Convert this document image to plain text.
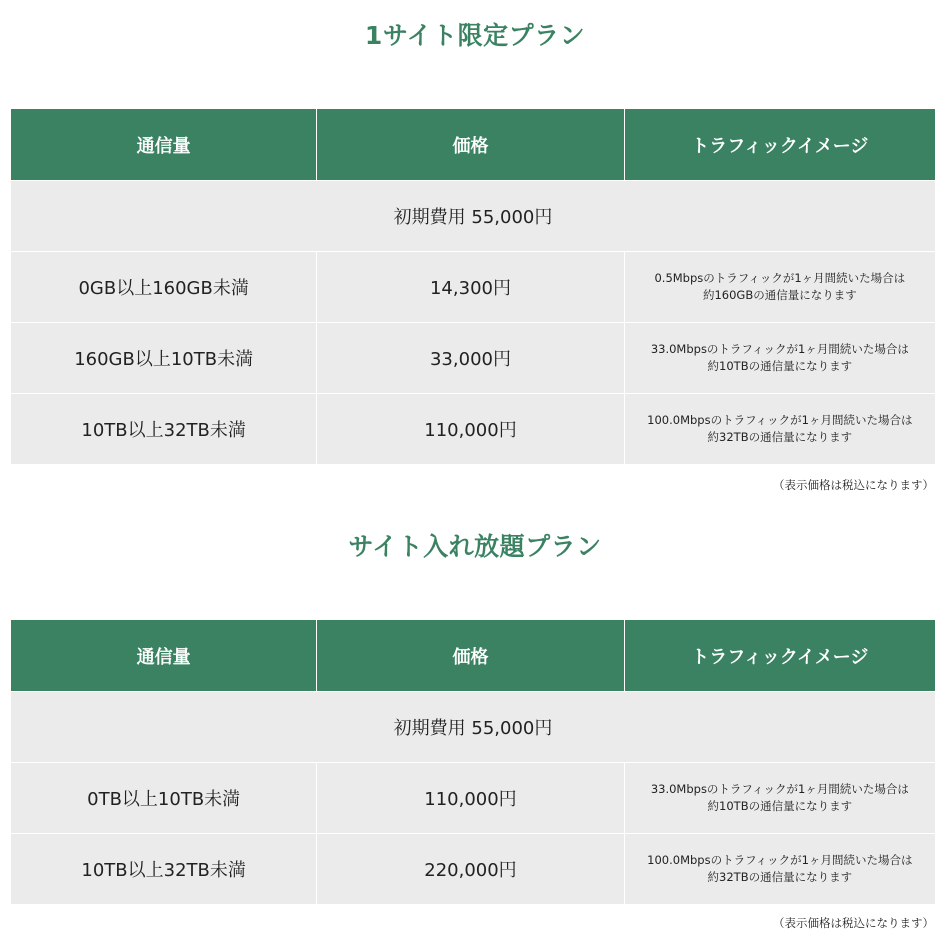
1サイト限定プラン
通信量	価格	トラフィックイメージ
初期費用 55,000円		
0GB以上160GB未満	14,300円	0.5Mbpsのトラフィックが1ヶ月間続いた場合は
約160GBの通信量になります
160GB以上10TB未満	33,000円	33.0Mbpsのトラフィックが1ヶ月間続いた場合は
約10TBの通信量になります
10TB以上32TB未満	110,000円	100.0Mbpsのトラフィックが1ヶ月間続いた場合は
約32TBの通信量になります
（表示価格は税込になります）
サイト入れ放題プラン
通信量	価格	トラフィックイメージ
初期費用 55,000円		
0TB以上10TB未満	110,000円	33.0Mbpsのトラフィックが1ヶ月間続いた場合は
約10TBの通信量になります
10TB以上32TB未満	220,000円	100.0Mbpsのトラフィックが1ヶ月間続いた場合は
約32TBの通信量になります
（表示価格は税込になります）
